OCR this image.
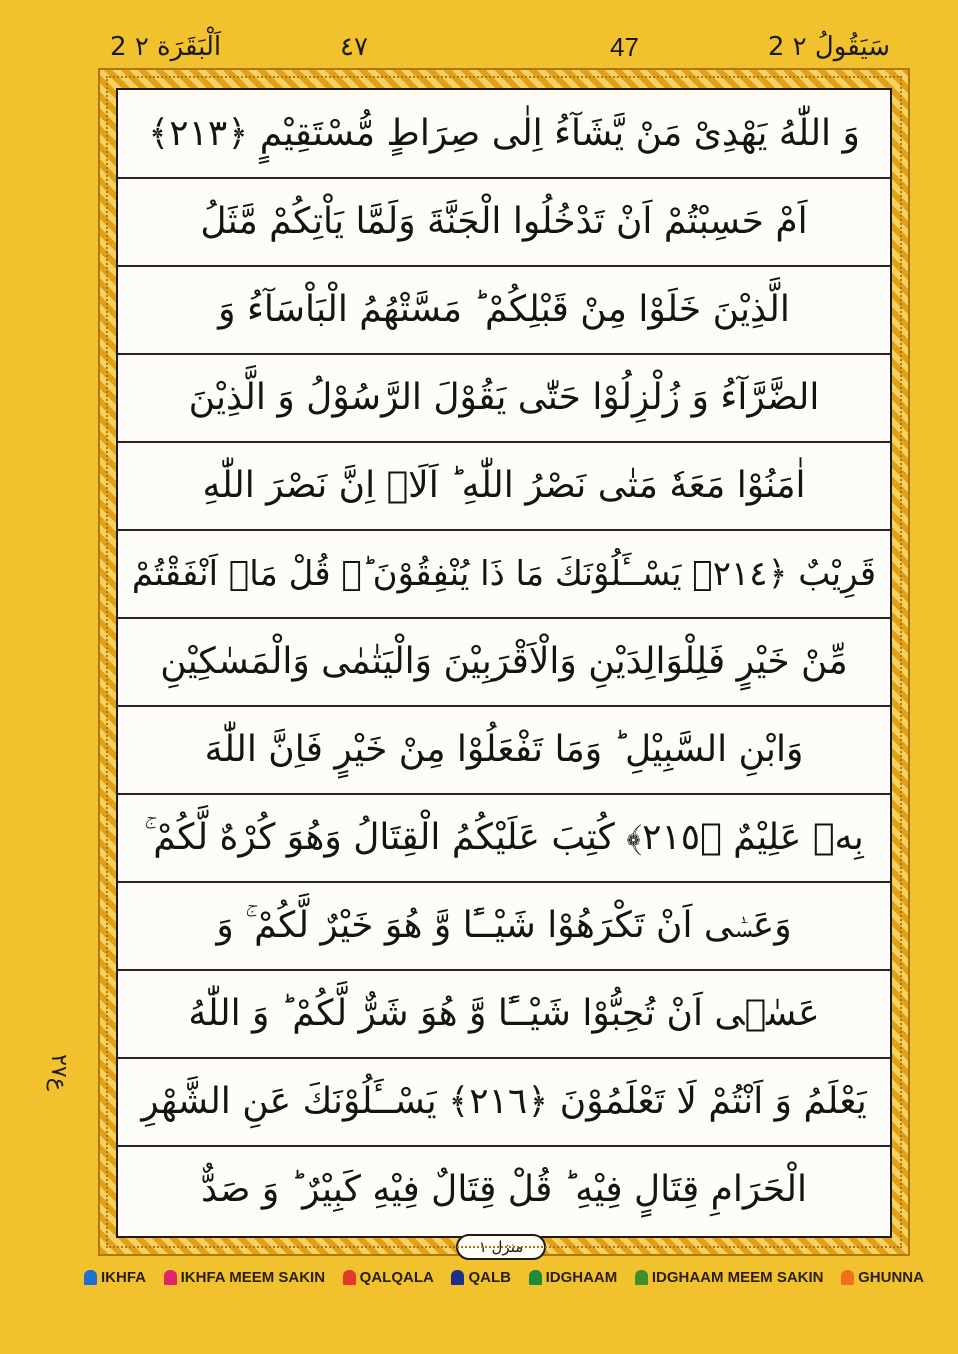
2 سَيَقُولُ ٢
47
٤٧
2 اَلْبَقَرَة ٢
وَ اللّٰهُ يَهْدِىْ مَنْ يَّشَآءُ اِلٰى صِرَاطٍ مُّسْتَقِيْمٍ ﴿٢١٣﴾
اَمْ حَسِبْتُمْ اَنْ تَدْخُلُوا الْجَنَّةَ وَلَمَّا يَاْتِكُمْ مَّثَلُ
الَّذِيْنَ خَلَوْا مِنْ قَبْلِكُمْ ؕ مَسَّتْهُمُ الْبَاْسَآءُ وَ
الضَّرَّآءُ وَ زُلْزِلُوْا حَتّٰى يَقُوْلَ الرَّسُوْلُ وَ الَّذِيْنَ
اٰمَنُوْا مَعَهٗ مَتٰى نَصْرُ اللّٰهِ ؕ اَلَاۤ اِنَّ نَصْرَ اللّٰهِ
قَرِيْبٌ ﴿٢١٤﴾ يَسْــَٔلُوْنَكَ مَا ذَا يُنْفِقُوْنَ ؕ۬ قُلْ مَاۤ اَنْفَقْتُمْ
مِّنْ خَيْرٍ فَلِلْوَالِدَيْنِ وَالْاَقْرَبِيْنَ وَالْيَتٰمٰى وَالْمَسٰكِيْنِ
وَابْنِ السَّبِيْلِ ؕ وَمَا تَفْعَلُوْا مِنْ خَيْرٍ فَاِنَّ اللّٰهَ
بِهٖ عَلِيْمٌ ﴿٢١٥﴾ كُتِبَ عَلَيْكُمُ الْقِتَالُ وَهُوَ كُرْهٌ لَّكُمْ ۚ
وَعَسٰۤى اَنْ تَكْرَهُوْا شَيْــًٔا وَّ هُوَ خَيْرٌ لَّكُمْ ۚ وَ
عَسٰۤى اَنْ تُحِبُّوْا شَيْــًٔا وَّ هُوَ شَرٌّ لَّكُمْ ؕ وَ اللّٰهُ
يَعْلَمُ وَ اَنْتُمْ لَا تَعْلَمُوْنَ ﴿٢١٦﴾ يَسْــَٔلُوْنَكَ عَنِ الشَّهْرِ
الْحَرَامِ قِتَالٍ فِيْهِ ؕ قُلْ قِتَالٌ فِيْهِ كَبِيْرٌ ؕ وَ صَدٌّ
منزل ١
ع٢٧
IKHFA IKHFA MEEM SAKIN QALQALA QALB IDGHAAM IDGHAAM MEEM SAKIN GHUNNA
